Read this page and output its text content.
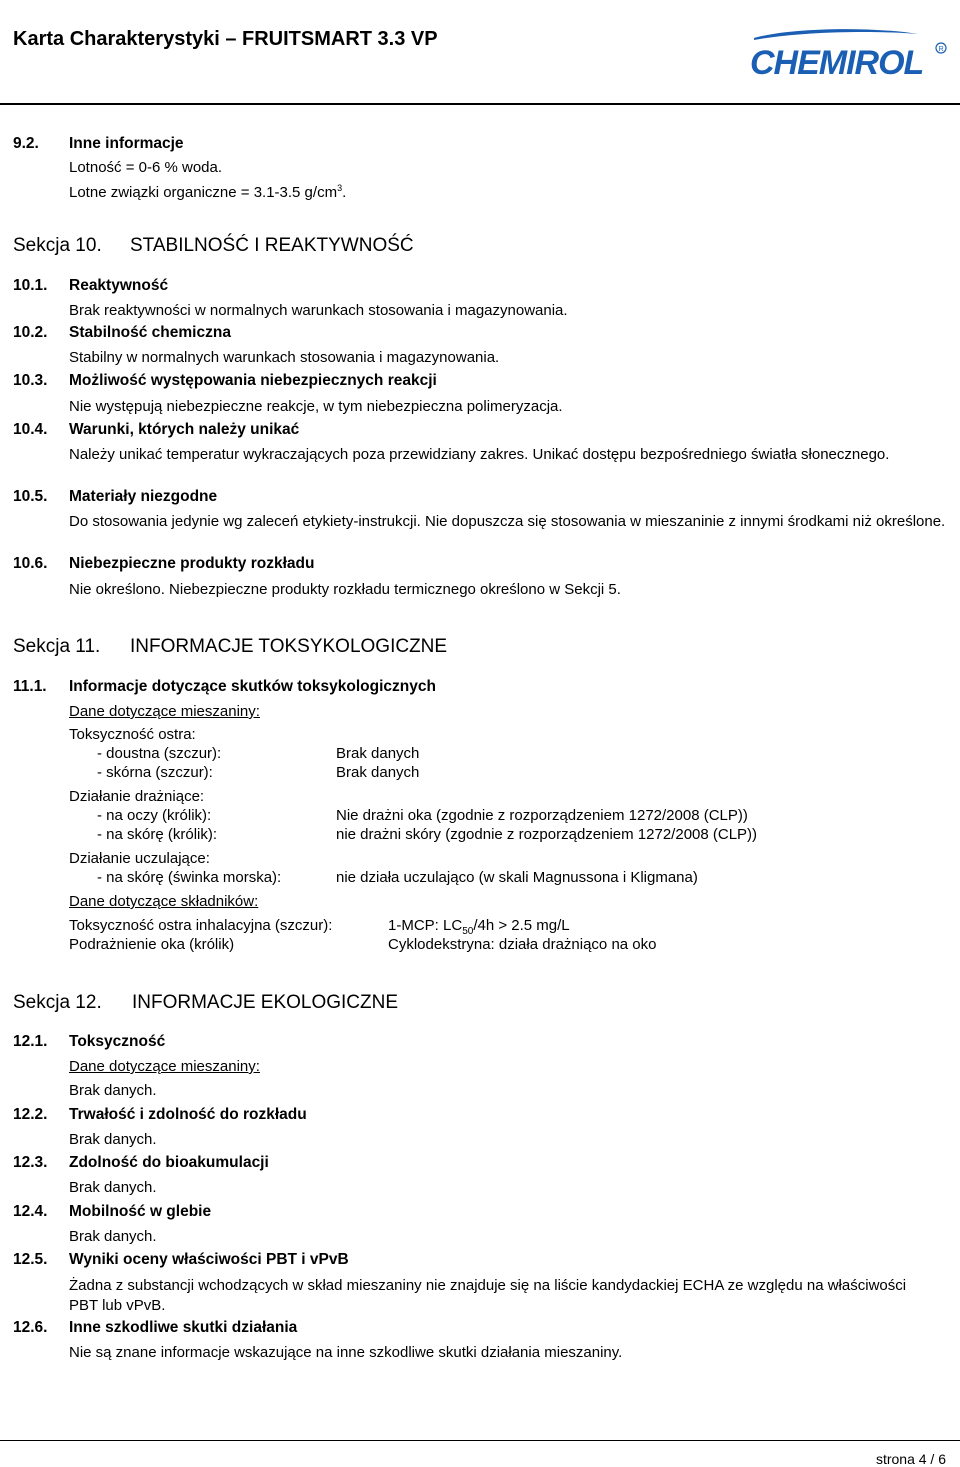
Karta Charakterystyki – FRUITSMART 3.3 VP
CHEMIROL R
9.2. Inne informacje
Lotność = 0-6 % woda.
Lotne związki organiczne = 3.1-3.5 $g/cm^3$.
Sekcja 10. STABILNOŚĆ I REAKTYWNOŚĆ
10.1. Reaktywność
Brak reaktywności w normalnych warunkach stosowania i magazynowania.
10.2. Stabilność chemiczna
Stabilny w normalnych warunkach stosowania i magazynowania.
10.3. Możliwość występowania niebezpiecznych reakcji
Nie występują niebezpieczne reakcje, w tym niebezpieczna polimeryzacja.
10.4. Warunki, których należy unikać
Należy unikać temperatur wykraczających poza przewidziany zakres. Unikać dostępu bezpośredniego światła słonecznego.
10.5. Materiały niezgodne
Do stosowania jedynie wg zaleceń etykiety-instrukcji. Nie dopuszcza się stosowania w mieszaninie z innymi środkami niż określone.
10.6. Niebezpieczne produkty rozkładu
Nie określono. Niebezpieczne produkty rozkładu termicznego określono w Sekcji 5.
Sekcja 11. INFORMACJE TOKSYKOLOGICZNE
11.1. Informacje dotyczące skutków toksykologicznych
Dane dotyczące mieszaniny:
Toksyczność ostra:
- doustna (szczur):	Brak danych
- skórna (szczur):	Brak danych
Działanie drażniące:
- na oczy (królik):	Nie drażni oka (zgodnie z rozporządzeniem 1272/2008 (CLP))
- na skórę (królik):	nie drażni skóry (zgodnie z rozporządzeniem 1272/2008 (CLP))
Działanie uczulające:
- na skórę (świnka morska):	nie działa uczulająco (w skali Magnussona i Kligmana)
Dane dotyczące składników:
Toksyczność ostra inhalacyjna (szczur):	1-MCP: $LC_{50}/4h > 2.5$ mg/L
Podrażnienie oka (królik)	Cyklodekstryna: działa drażniąco na oko
Sekcja 12. INFORMACJE EKOLOGICZNE
12.1. Toksyczność
Dane dotyczące mieszaniny:
Brak danych.
12.2. Trwałość i zdolność do rozkładu
Brak danych.
12.3. Zdolność do bioakumulacji
Brak danych.
12.4. Mobilność w glebie
Brak danych.
12.5. Wyniki oceny właściwości PBT i vPvB
Żadna z substancji wchodzących w skład mieszaniny nie znajduje się na liście kandydackiej ECHA ze względu na właściwości PBT lub vPvB.
12.6. Inne szkodliwe skutki działania
Nie są znane informacje wskazujące na inne szkodliwe skutki działania mieszaniny.
strona 4 / 6
